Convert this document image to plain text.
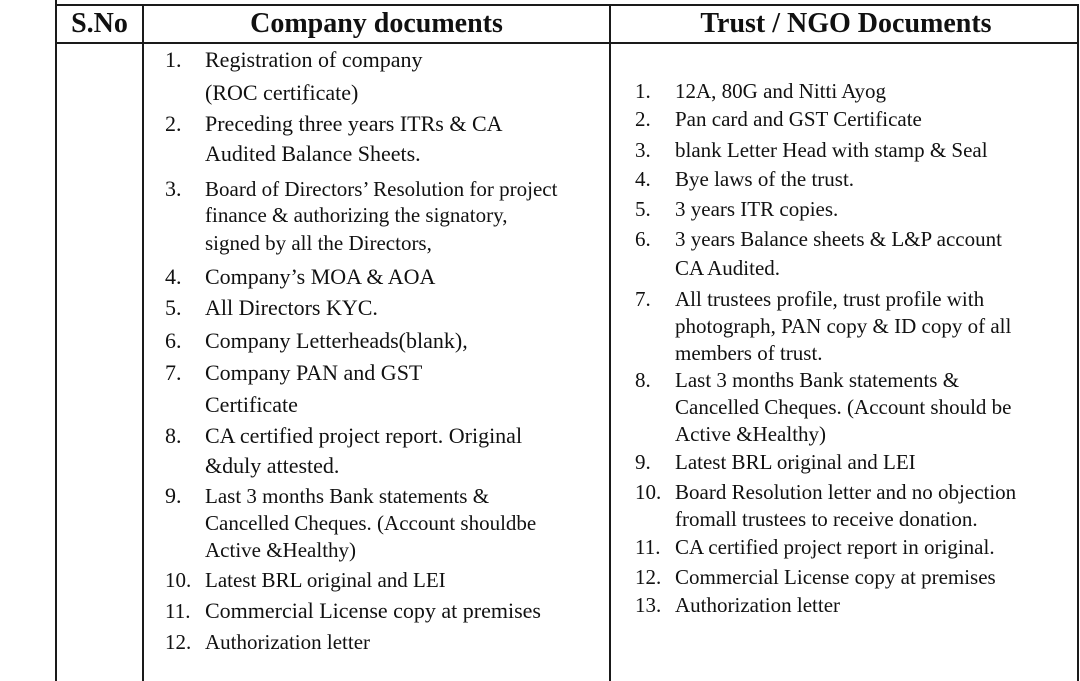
S.No	Company documents	Trust / NGO Documents
1. Registration of company
(ROC certificate)
2. Preceding three years ITRs & CA
Audited Balance Sheets.
3. Board of Directors’ Resolution for project
finance & authorizing the signatory,
signed by all the Directors,
4. Company’s MOA & AOA
5. All Directors KYC.
6. Company Letterheads(blank),
7. Company PAN and GST
Certificate
8. CA certified project report. Original
&duly attested.
9. Last 3 months Bank statements &
Cancelled Cheques. (Account shouldbe
Active &Healthy)
10. Latest BRL original and LEI
11. Commercial License copy at premises
12. Authorization letter
1. 12A, 80G and Nitti Ayog
2. Pan card and GST Certificate
3. blank Letter Head with stamp & Seal
4. Bye laws of the trust.
5. 3 years ITR copies.
6. 3 years Balance sheets & L&P account
CA Audited.
7. All trustees profile, trust profile with
photograph, PAN copy & ID copy of all
members of trust.
8. Last 3 months Bank statements &
Cancelled Cheques. (Account should be
Active &Healthy)
9. Latest BRL original and LEI
10. Board Resolution letter and no objection
fromall trustees to receive donation.
11. CA certified project report in original.
12. Commercial License copy at premises
13. Authorization letter
